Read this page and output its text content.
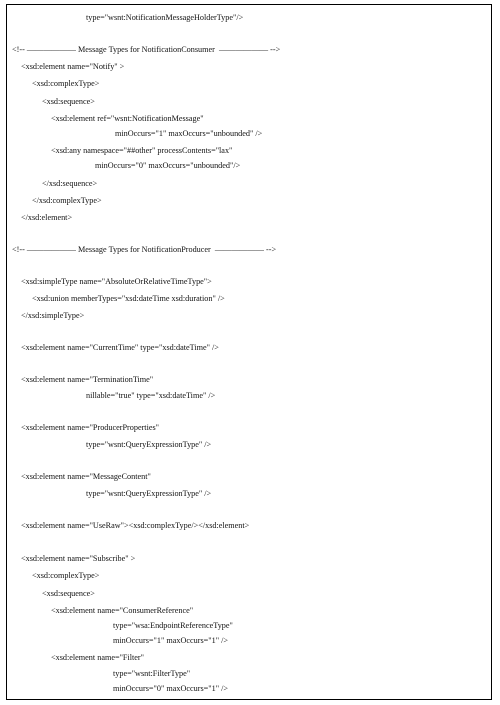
type="wsnt:NotificationMessageHolderType"/>
<!-- —————— Message Types for NotificationConsumer  —————— -->
<xsd:element name="Notify" >
<xsd:complexType>
<xsd:sequence>
<xsd:element ref="wsnt:NotificationMessage"
minOccurs="1" maxOccurs="unbounded" />
<xsd:any namespace="##other" processContents="lax"
minOccurs="0" maxOccurs="unbounded"/>
</xsd:sequence>
</xsd:complexType>
</xsd:element>
<!-- —————— Message Types for NotificationProducer  —————— -->
<xsd:simpleType name="AbsoluteOrRelativeTimeType">
<xsd:union memberTypes="xsd:dateTime xsd:duration" />
</xsd:simpleType>
<xsd:element name="CurrentTime" type="xsd:dateTime" />
<xsd:element name="TerminationTime"
nillable="true" type="xsd:dateTime" />
<xsd:element name="ProducerProperties"
type="wsnt:QueryExpressionType" />
<xsd:element name="MessageContent"
type="wsnt:QueryExpressionType" />
<xsd:element name="UseRaw"><xsd:complexType/></xsd:element>
<xsd:element name="Subscribe" >
<xsd:complexType>
<xsd:sequence>
<xsd:element name="ConsumerReference"
type="wsa:EndpointReferenceType"
minOccurs="1" maxOccurs="1" />
<xsd:element name="Filter"
type="wsnt:FilterType"
minOccurs="0" maxOccurs="1" />
